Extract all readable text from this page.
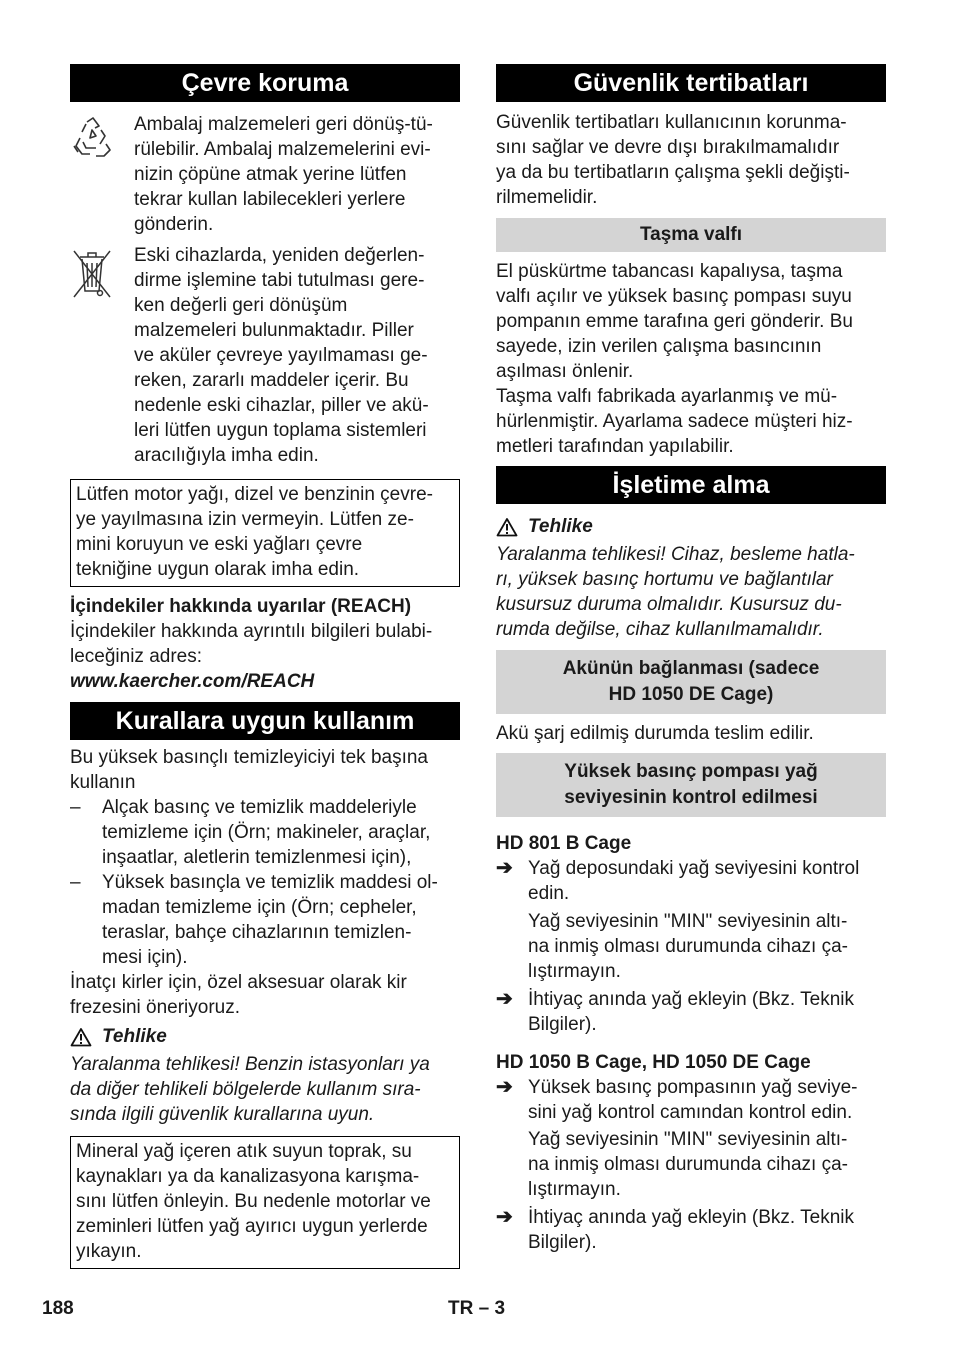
Çevre koruma

Ambalaj malzemeleri geri dönüş-tü-

rülebilir. Ambalaj malzemelerini evi-

nizin çöpüne atmak yerine lütfen

tekrar kullan labilecekleri yerlere

gönderin.

Eski cihazlarda, yeniden değerlen-

dirme işlemine tabi tutulması gere-

ken değerli geri dönüşüm

malzemeleri bulunmaktadır. Piller

ve aküler çevreye yayılmaması ge-

reken, zararlı maddeler içerir. Bu

nedenle eski cihazlar, piller ve akü-

leri lütfen uygun toplama sistemleri

aracılığıyla imha edin.

Lütfen motor yağı, dizel ve benzinin çevre-

ye yayılmasına izin vermeyin. Lütfen ze-

mini koruyun ve eski yağları çevre

tekniğine uygun olarak imha edin.

İçindekiler hakkında uyarılar (REACH)

İçindekiler hakkında ayrıntılı bilgileri bulabi-

leceğiniz adres:

www.kaercher.com/REACH

Kurallara uygun kullanım

Bu yüksek basınçlı temizleyiciyi tek başına

kullanın

–	Alçak basınç ve temizlik maddeleriyle

temizleme için (Örn; makineler, araçlar,

inşaatlar, aletlerin temizlenmesi için),

–	Yüksek basınçla ve temizlik maddesi ol-

madan temizleme için (Örn; cepheler,

teraslar, bahçe cihazlarının temizlen-

mesi için).

İnatçı kirler için, özel aksesuar olarak kir

frezesini öneriyoruz.

Tehlike

Yaralanma tehlikesi! Benzin istasyonları ya

da diğer tehlikeli bölgelerde kullanım sıra-

sında ilgili güvenlik kurallarına uyun.

Mineral yağ içeren atık suyun toprak, su

kaynakları ya da kanalizasyona karışma-

sını lütfen önleyin. Bu nedenle motorlar ve

zeminleri lütfen yağ ayırıcı uygun yerlerde

yıkayın.

Güvenlik tertibatları

Güvenlik tertibatları kullanıcının korunma-

sını sağlar ve devre dışı bırakılmamalıdır

ya da bu tertibatların çalışma şekli değişti-

rilmemelidir.

Taşma valfı

El püskürtme tabancası kapalıysa, taşma

valfı açılır ve yüksek basınç pompası suyu

pompanın emme tarafına geri gönderir. Bu

sayede, izin verilen çalışma basıncının

aşılması önlenir.

Taşma valfı fabrikada ayarlanmış ve mü-

hürlenmiştir. Ayarlama sadece müşteri hiz-

metleri tarafından yapılabilir.

İşletime alma
Tehlike

Yaralanma tehlikesi! Cihaz, besleme hatla-

rı, yüksek basınç hortumu ve bağlantılar

kusursuz duruma olmalıdır. Kusursuz du-

rumda değilse, cihaz kullanılmamalıdır.

Akünün bağlanması (sadece
HD 1050 DE Cage)

Akü şarj edilmiş durumda teslim edilir.

Yüksek basınç pompası yağ
seviyesinin kontrol edilmesi

HD 801 B Cage

➔ Yağ deposundaki yağ seviyesini kontrol

edin.

Yağ seviyesinin "MIN" seviyesinin altı-

na inmiş olması durumunda cihazı ça-

lıştırmayın.

➔ İhtiyaç anında yağ ekleyin (Bkz. Teknik

Bilgiler).

HD 1050 B Cage, HD 1050 DE Cage

➔ Yüksek basınç pompasının yağ seviye-

sini yağ kontrol camından kontrol edin.

Yağ seviyesinin "MIN" seviyesinin altı-

na inmiş olması durumunda cihazı ça-

lıştırmayın.

➔ İhtiyaç anında yağ ekleyin (Bkz. Teknik

Bilgiler).

188	TR – 3
